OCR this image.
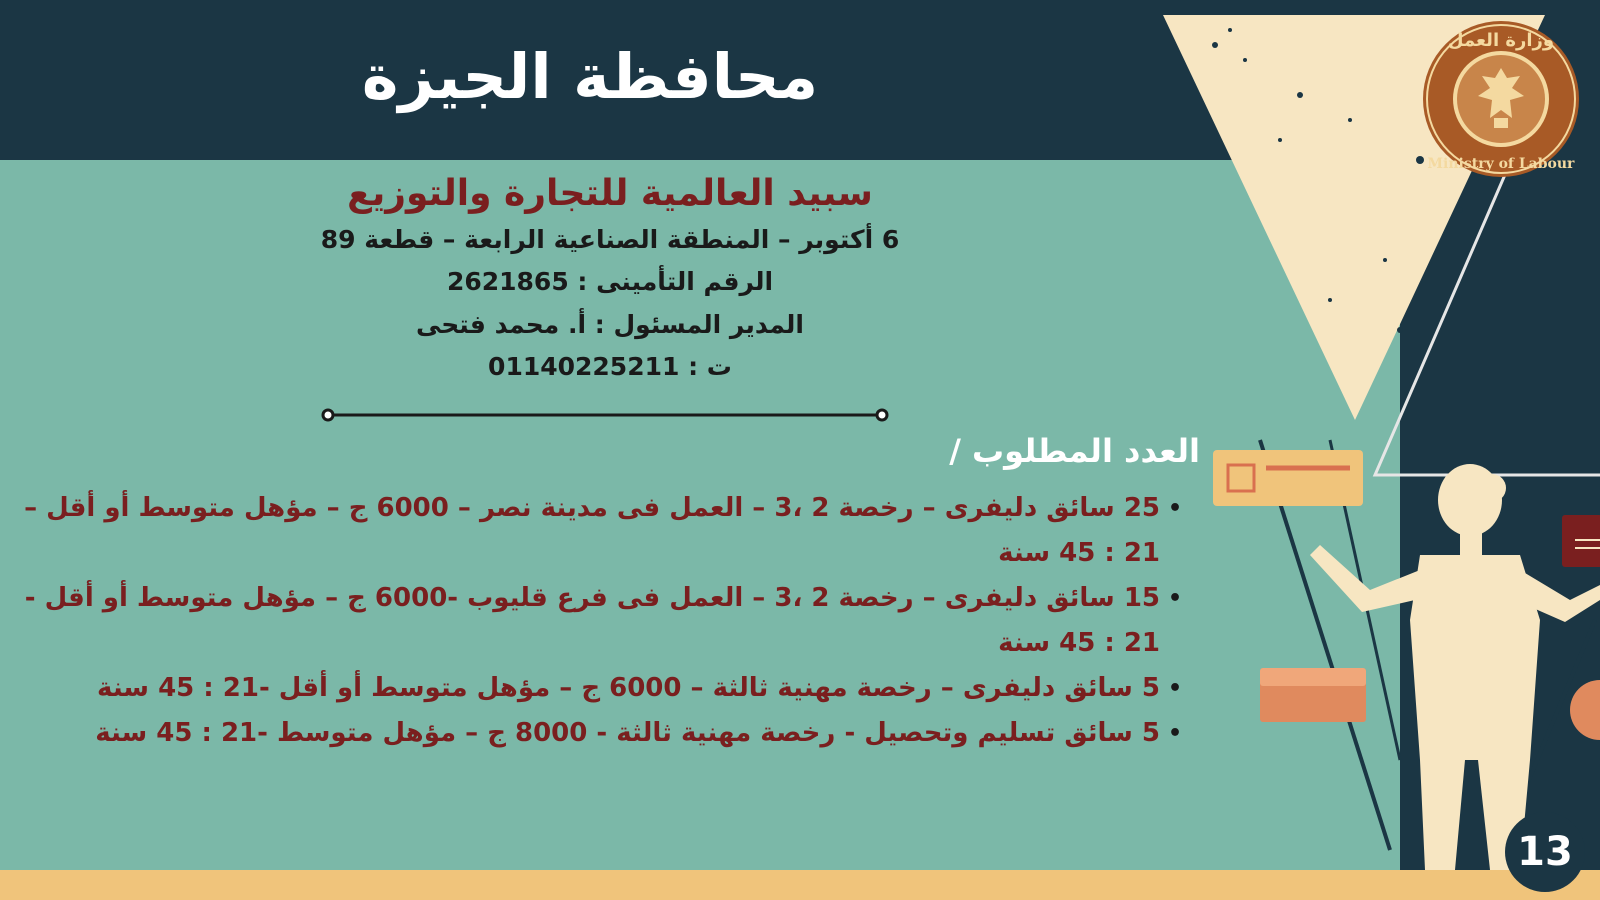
وزارة العمل
Ministry of Labour
محافظة الجيزة
سبيد العالمية للتجارة والتوزيع
6 أكتوبر – المنطقة الصناعية الرابعة – قطعة 89
الرقم التأمينى : 2621865
المدير المسئول : أ. محمد فتحى
ت : 01140225211
العدد المطلوب /
•
25 سائق دليفرى – رخصة 2 ،3 – العمل فى مدينة نصر – 6000 ج – مؤهل متوسط أو أقل – 21 : 45 سنة
•
15 سائق دليفرى – رخصة 2 ،3 – العمل فى فرع قليوب -6000 ج – مؤهل متوسط أو أقل - 21 : 45 سنة
•
5 سائق دليفرى – رخصة مهنية ثالثة – 6000 ج – مؤهل متوسط أو أقل -21 : 45 سنة
•
5 سائق تسليم وتحصيل - رخصة مهنية ثالثة - 8000 ج – مؤهل متوسط -21 : 45 سنة
13
